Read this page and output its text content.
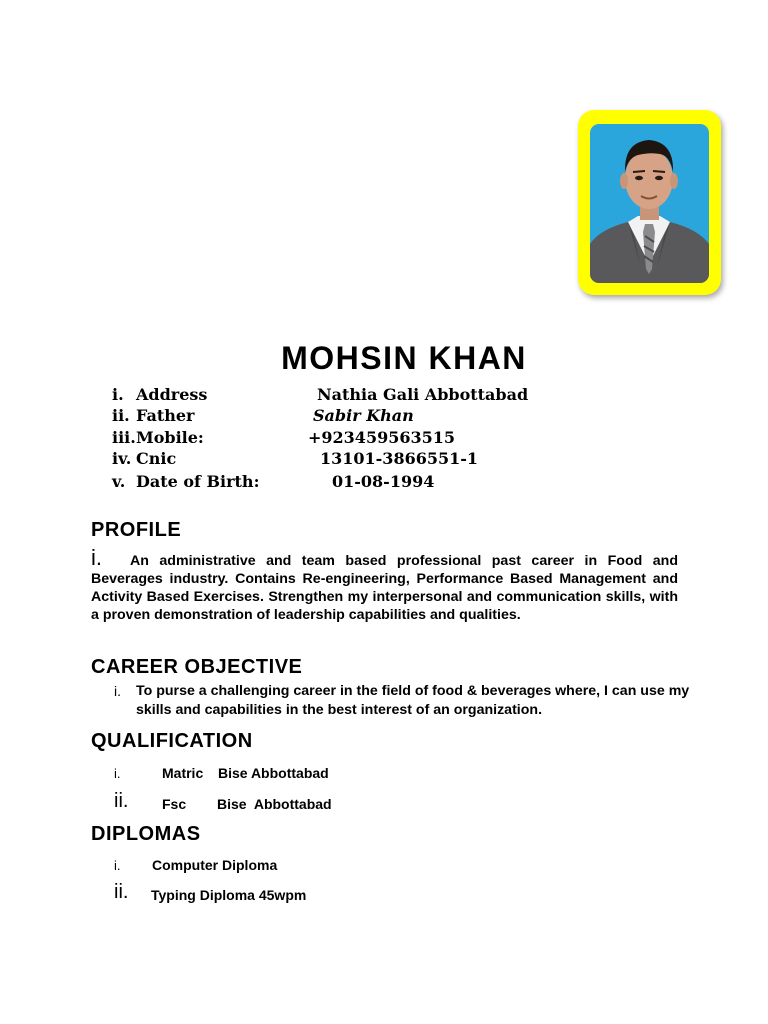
MOHSIN KHAN
i. Address	Nathia Gali Abbottabad
ii. Father	Sabir Khan
iii.Mobile:	+923459563515
iv. Cnic	13101-3866551-1
v. Date of Birth:	01-08-1994
PROFILE
i. An administrative and team based professional past career in Food and Beverages industry. Contains Re-engineering, Performance Based Management and Activity Based Exercises. Strengthen my interpersonal and communication skills, with a proven demonstration of leadership capabilities and qualities.
CAREER OBJECTIVE
i. To purse a challenging career in the field of food & beverages where, I can use my skills and capabilities in the best interest of an organization.
QUALIFICATION
i.	Matric Bise Abbottabad
ii. Fsc Bise  Abbottabad
DIPLOMAS
i. Computer Diploma
ii. Typing Diploma 45wpm
